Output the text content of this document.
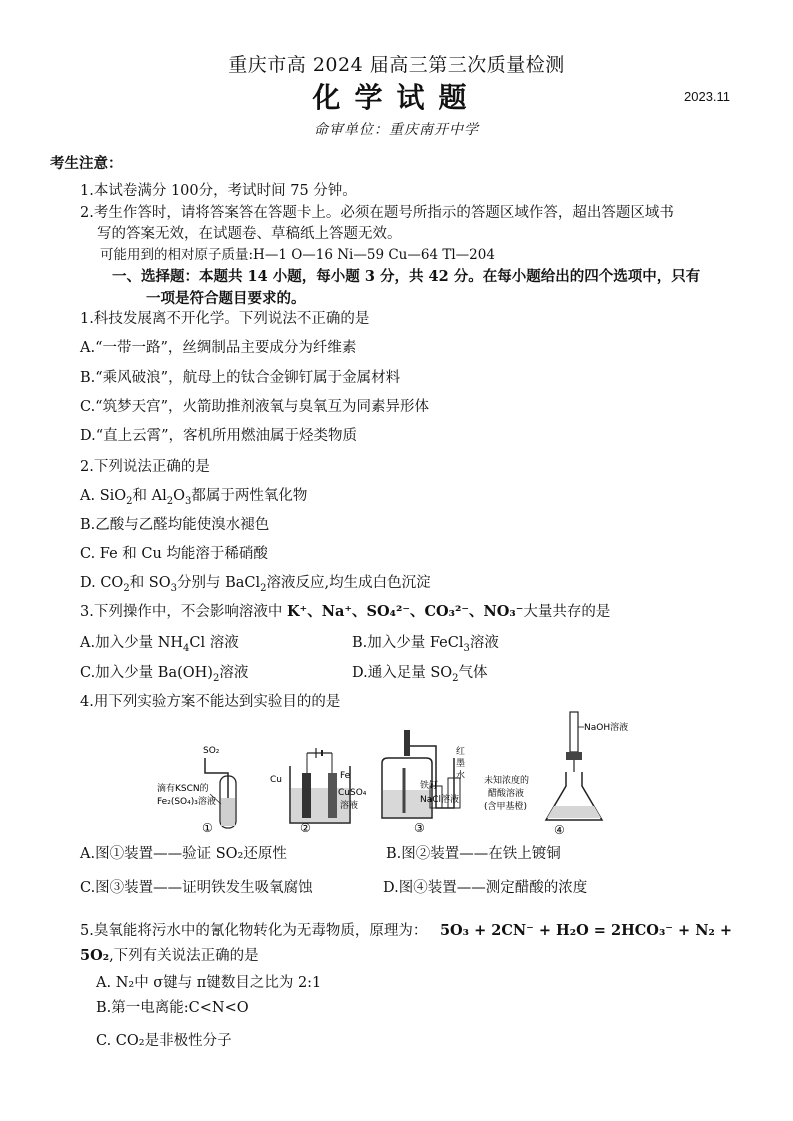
重庆市高 2024 届高三第三次质量检测
化学试题	2023.11
命审单位：重庆南开中学
考生注意：
1.本试卷满分 100分，考试时间 75 分钟。
2.考生作答时，请将答案答在答题卡上。必须在题号所指示的答题区域作答，超出答题区域书
写的答案无效，在试题卷、草稿纸上答题无效。
可能用到的相对原子质量:H—1 O—16 Ni—59 Cu—64 Tl—204
一、选择题：本题共 14 小题，每小题 3 分，共 42 分。在每小题给出的四个选项中，只有
一项是符合题目要求的。
1.科技发展离不开化学。下列说法不正确的是
A.“一带一路”，丝绸制品主要成分为纤维素
B.“乘风破浪”，航母上的钛合金铆钉属于金属材料
C.“筑梦天宫”，火箭助推剂液氧与臭氧互为同素异形体
D.“直上云霄”，客机所用燃油属于烃类物质
2.下列说法正确的是
A. SiO$_2$和 $Al_2O_3$都属于两性氧化物
B.乙酸与乙醛均能使溴水褪色
C. Fe 和 Cu 均能溶于稀硝酸
D. $CO_2$和 $SO_3$分别与 BaCl$_2$溶液反应,均生成白色沉淀
3.下列操作中，不会影响溶液中 K⁺、Na⁺、SO₄²⁻、CO₃²⁻、NO₃⁻大量共存的是
A.加入少量 $NH_4Cl$ 溶液	B.加入少量 FeCl$_3$溶液
C.加入少量 $Ba(OH)_2$溶液	D.通入足量 $SO_2$气体
4.用下列实验方案不能达到实验目的的是
SO₂
滴有KSCN的
Fe₂(SO₄)₃溶液
①
Cu	Fe
CuSO₄
溶液
②
红
墨
水
铁钉
NaCl溶液
③
NaOH溶液
未知浓度的
醋酸溶液
(含甲基橙)
④
A.图①装置——验证 SO₂还原性	B.图②装置——在铁上镀铜
C.图③装置——证明铁发生吸氧腐蚀	D.图④装置——测定醋酸的浓度
5.臭氧能将污水中的氰化物转化为无毒物质，原理为： 5O₃ + 2CN⁻ + H₂O = 2HCO₃⁻ + N₂ +
5O₂,下列有关说法正确的是
A. N₂中 σ键与 π键数目之比为 2:1
B.第一电离能:C<N<O
C. CO₂是非极性分子
